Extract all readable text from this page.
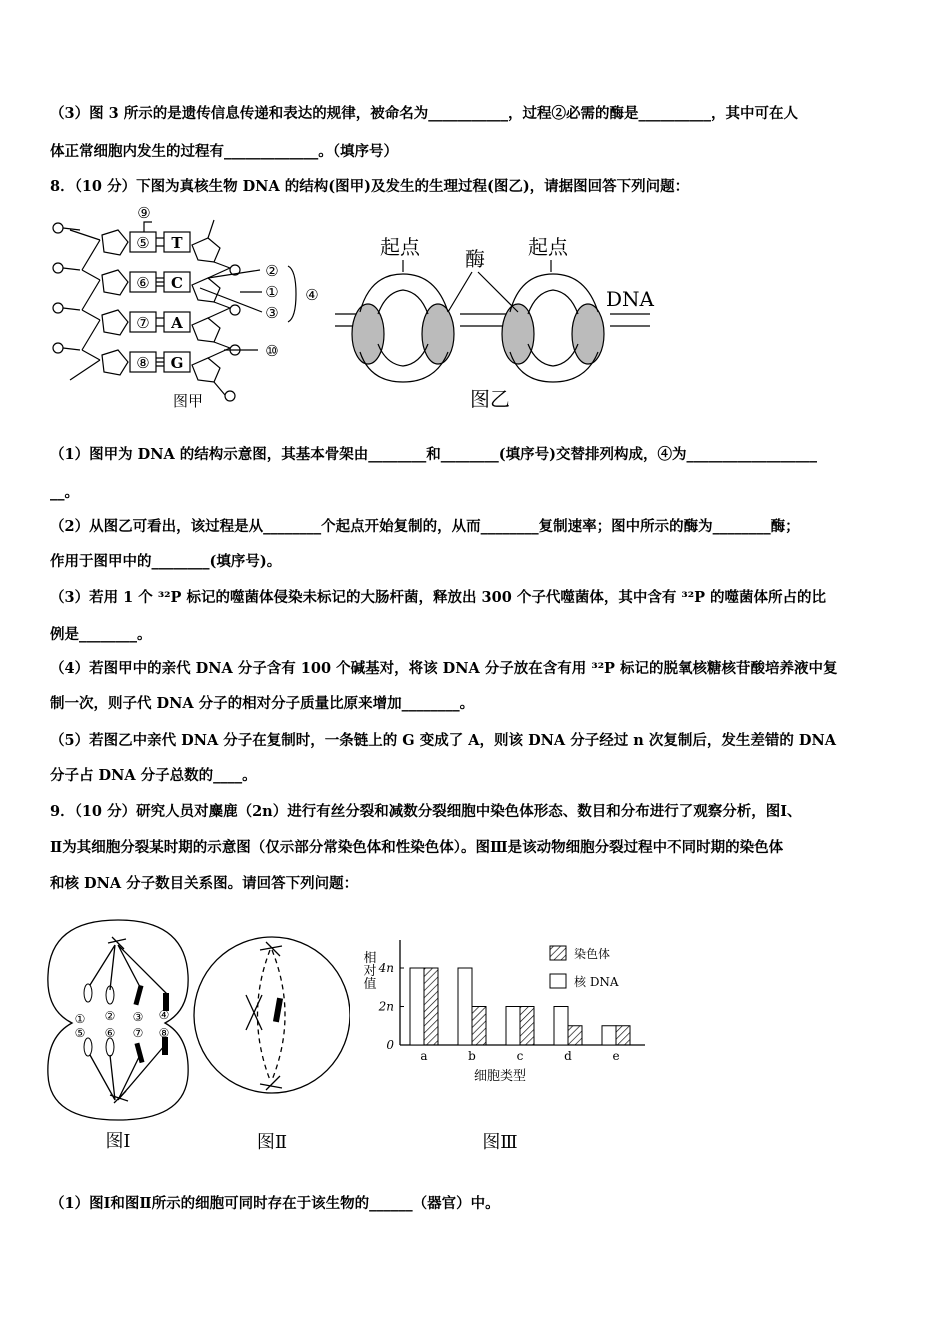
（3）图 3 所示的是遗传信息传递和表达的规律，被命名为___________，过程②必需的酶是__________，其中可在人
体正常细胞内发生的过程有_____________。（填序号）
8．（10 分）下图为真核生物 DNA 的结构(图甲)及发生的生理过程(图乙)，请据图回答下列问题：
⑤
⑥
⑦
⑧
⑨
T
C
A
G
②
①
③
④
⑩
图甲
起点 酶 起点
DNA
图乙
（1）图甲为 DNA 的结构示意图，其基本骨架由________和________(填序号)交替排列构成，④为__________________
__。
（2）从图乙可看出，该过程是从________个起点开始复制的，从而________复制速率；图中所示的酶为________酶；
作用于图甲中的________(填序号)。
（3）若用 1 个 ³²P 标记的噬菌体侵染未标记的大肠杆菌，释放出 300 个子代噬菌体，其中含有 ³²P 的噬菌体所占的比
例是________。
（4）若图甲中的亲代 DNA 分子含有 100 个碱基对，将该 DNA 分子放在含有用 ³²P 标记的脱氧核糖核苷酸培养液中复
制一次，则子代 DNA 分子的相对分子质量比原来增加________。
（5）若图乙中亲代 DNA 分子在复制时，一条链上的 G 变成了 A，则该 DNA 分子经过 n 次复制后，发生差错的 DNA
分子占 DNA 分子总数的____。
9．（10 分）研究人员对麋鹿（2n）进行有丝分裂和减数分裂细胞中染色体形态、数目和分布进行了观察分析，图Ⅰ、
Ⅱ为其细胞分裂某时期的示意图（仅示部分常染色体和性染色体）。图Ⅲ是该动物细胞分裂过程中不同时期的染色体
和核 DNA 分子数目关系图。请回答下列问题：
① ② ③ ④
⑤ ⑥ ⑦ ⑧
图Ⅰ	图Ⅱ
相对值
0
2n
4n
a	b	c	d	e
染色体
核 DNA
细胞类型
图Ⅲ
（1）图Ⅰ和图Ⅱ所示的细胞可同时存在于该生物的______（器官）中。
